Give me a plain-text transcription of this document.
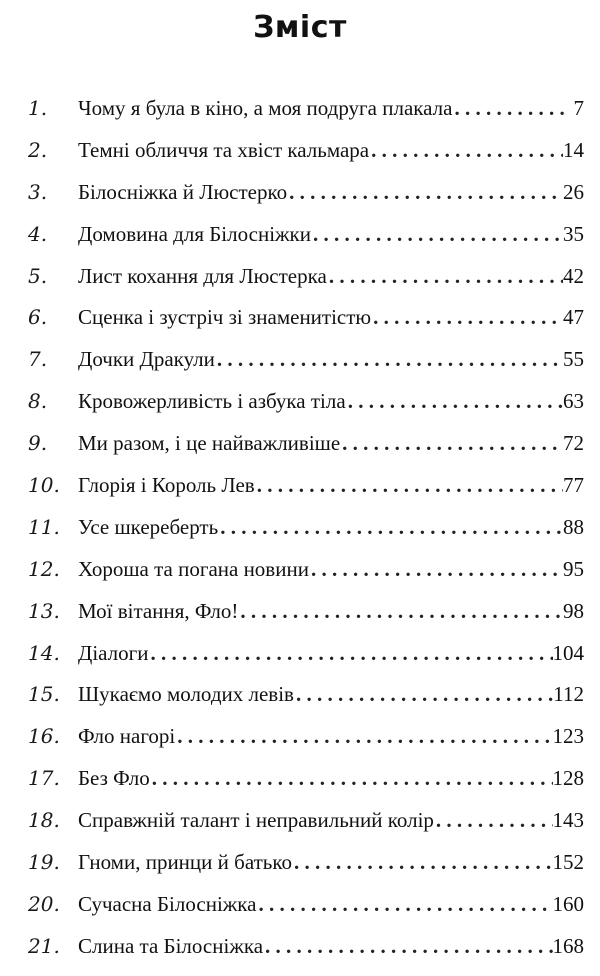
Зміст
1.	Чому я була в кіно, а моя подруга плакала . . .	7
2.	Темні обличчя та хвіст кальмара . . .	14
3.	Білосніжка й Люстерко . . .	26
4.	Домовина для Білосніжки . . .	35
5.	Лист кохання для Люстерка . . .	42
6.	Сценка і зустріч зі знаменитістю . . .	47
7.	Дочки Дракули . . .	55
8.	Кровожерливість і азбука тіла . . .	63
9.	Ми разом, і це найважливіше . . .	72
10. Глорія і Король Лев . . .	77
11. Усе шкереберть . . .	88
12. Хороша та погана новини . . .	95
13. Мої вітання, Фло! . . .	98
14. Діалоги . . .	104
15. Шукаємо молодих левів . . .	112
16. Фло нагорі . . .	123
17. Без Фло . . .	128
18. Справжній талант і неправильний колір . . .	143
19. Гноми, принци й батько . . .	152
20. Сучасна Білосніжка . . .	160
21. Слина та Білосніжка . . .	168
